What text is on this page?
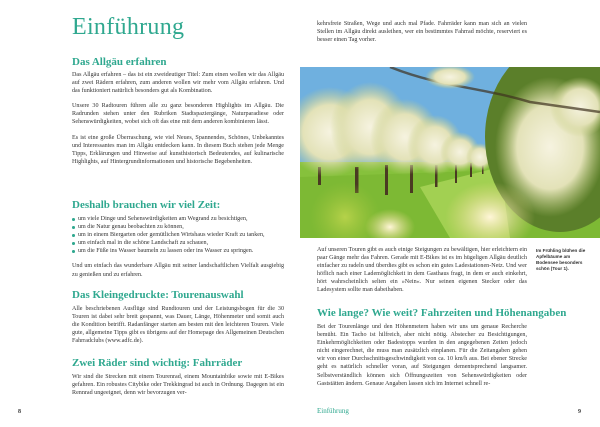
Einführung
Das Allgäu erfahren

Das Allgäu erfahren – das ist ein zweideutiger Titel: Zum einen wollen wir das Allgäu auf zwei Rädern erfahren, zum anderen wollen wir mehr vom Allgäu erfahren. Und das funktioniert natürlich besonders gut als Kombination.

Unsere 30 Radtouren führen alle zu ganz besonderen Highlights im Allgäu. Die Radrunden stehen unter den Rubriken Stadtspaziergänge, Naturparadiese oder Sehenswürdigkeiten, wobei sich oft das eine mit dem anderen kombinieren lässt.

Es ist eine große Überraschung, wie viel Neues, Spannendes, Schönes, Unbekanntes und Interessantes man im Allgäu entdecken kann. In diesem Buch stehen jede Menge Tipps, Erklärungen und Hinweise auf kunsthistorisch Bedeutendes, auf kulinarische Highlights, auf Hintergrundinformationen und historische Begebenheiten.

Deshalb brauchen wir viel Zeit:
um viele Dinge und Sehenswürdigkeiten am Wegrand zu besichtigen,
um die Natur genau beobachten zu können,
um in einem Biergarten oder gemütlichen Wirtshaus wieder Kraft zu tanken,
um einfach mal in die schöne Landschaft zu schauen,
um die Füße ins Wasser baumeln zu lassen oder ins Wasser zu springen.

Und um einfach das wunderbare Allgäu mit seiner landschaftlichen Vielfalt ausgiebig zu genießen und zu erfahren.

Das Kleingedruckte: Tourenauswahl

Alle beschriebenen Ausflüge sind Rundtouren und der Leistungsbogen für die 30 Touren ist dabei sehr breit gespannt, was Dauer, Länge, Höhenmeter und somit auch die Kondition betrifft. Radanfänger starten am besten mit den leichteren Touren. Viele gute, allgemeine Tipps gibt es übrigens auf der Homepage des Allgemeinen Deutschen Fahrradclubs (www.adfc.de).

Zwei Räder sind wichtig: Fahrräder

Wir sind die Strecken mit einem Tourenrad, einem Mountainbike sowie mit E-Bikes gefahren. Ein robustes Citybike oder Trekkingrad ist auch in Ordnung. Dagegen ist ein Rennrad ungeeignet, denn wir bevorzugen ver-

8

kehrsfreie Straßen, Wege und auch mal Pfade. Fahrräder kann man sich an vielen Stellen im Allgäu direkt ausleihen, wer ein bestimmtes Fahrrad möchte, reserviert es besser einen Tag vorher.

Im Frühling blühen die Apfelbäume am Bodensee besonders schön (Tour 1).

Auf unseren Touren gibt es auch einige Steigungen zu bewältigen, hier erleichtern ein paar Gänge mehr das Fahren. Gerade mit E-Bikes ist es im hügeligen Allgäu deutlich einfacher zu radeln und überdies gibt es schon ein gutes Ladestationen-Netz. Und wer höflich nach einer Lademöglichkeit in dem Gasthaus fragt, in dem er auch einkehrt, hört wahrscheinlich selten ein »Nein«. Nur seinen eigenen Stecker oder das Ladesystem sollte man dabeihaben.

Wie lange? Wie weit? Fahrzeiten und Höhenangaben

Bei der Tourenlänge und den Höhenmetern haben wir uns um genaue Recherche bemüht. Ein Tacho ist hilfreich, aber nicht nötig. Abstecher zu Besichtigungen, Einkehrmöglichkeiten oder Badestopps wurden in den angegebenen Zeiten jedoch nicht eingerechnet, die muss man zusätzlich einplanen. Für die Zeitangaben gehen wir von einer Durchschnittsgeschwindigkeit von ca. 10 km/h aus. Bei ebener Strecke geht es natürlich schneller voran, auf Steigungen dementsprechend langsamer. Selbstverständlich können sich Öffnungszeiten von Sehenswürdigkeiten oder Gaststätten ändern. Genaue Angaben lassen sich im Internet schnell re-

Einführung	9
